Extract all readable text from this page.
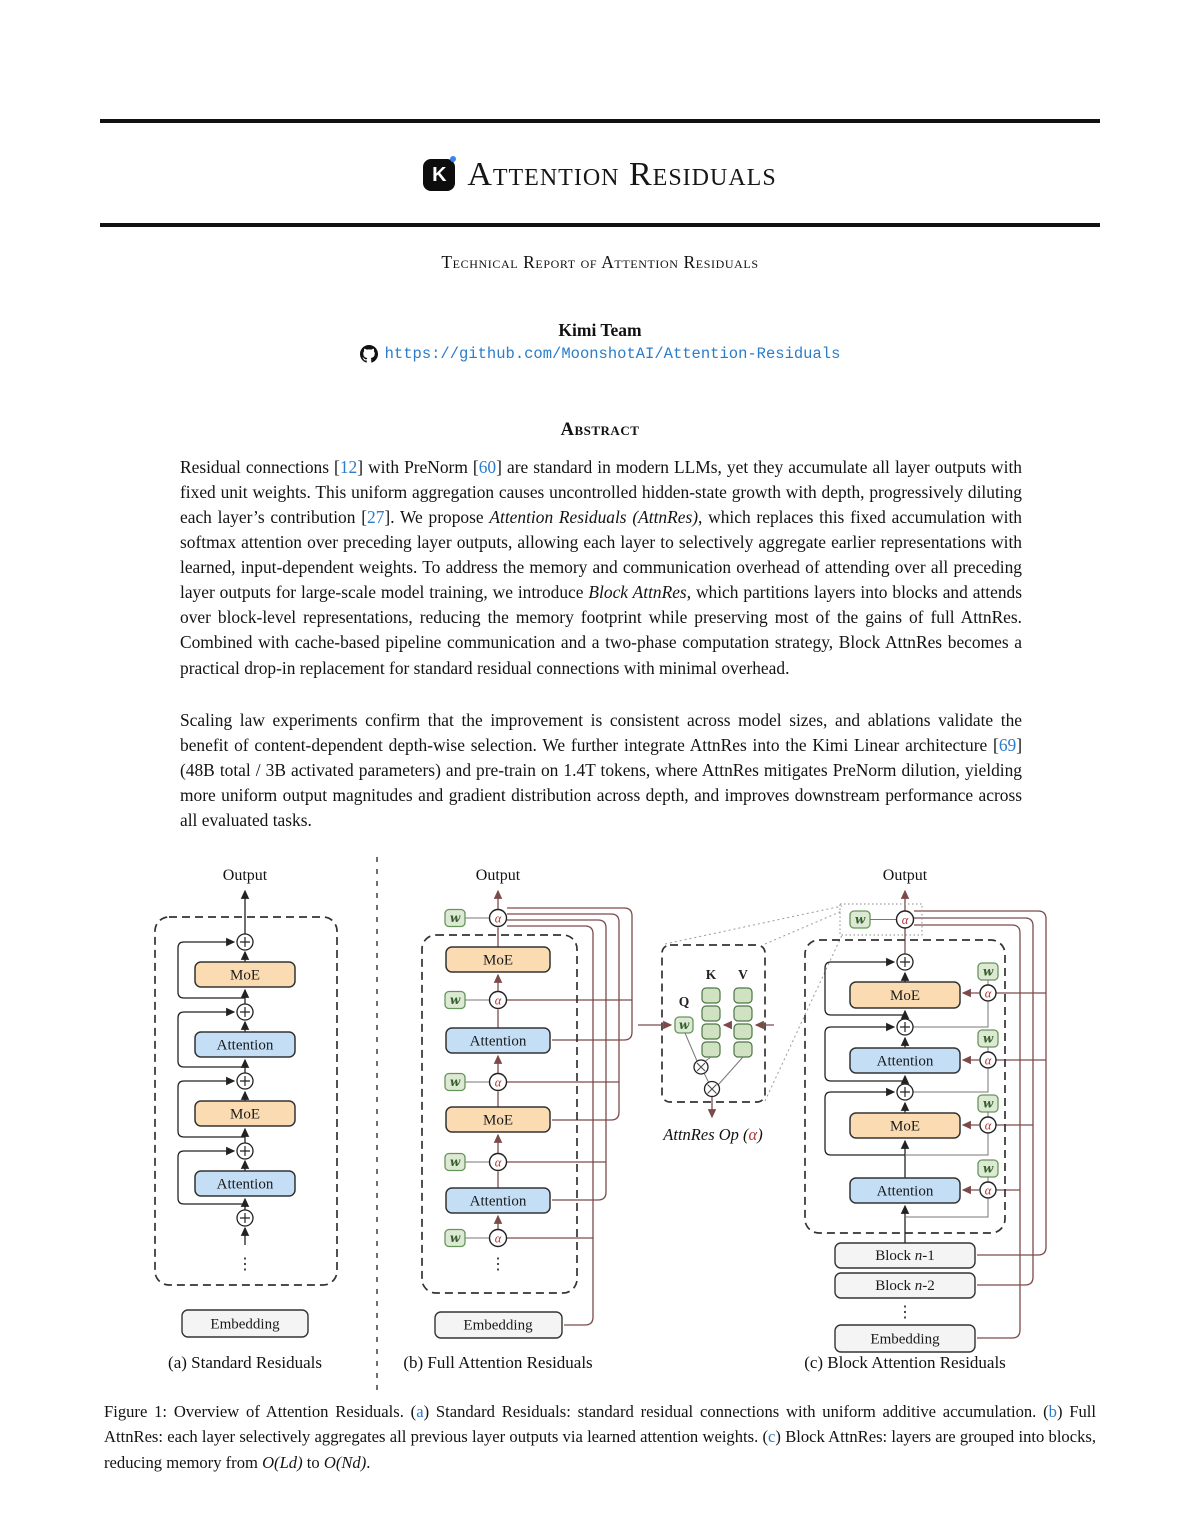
K Attention Residuals
Technical Report of Attention Residuals
Kimi Team
https://github.com/MoonshotAI/Attention-Residuals
Abstract
Residual connections [12] with PreNorm [60] are standard in modern LLMs, yet they accumulate all layer outputs with fixed unit weights. This uniform aggregation causes uncontrolled hidden-state growth with depth, progressively diluting each layer’s contribution [27]. We propose Attention Residuals (AttnRes), which replaces this fixed accumulation with softmax attention over preceding layer outputs, allowing each layer to selectively aggregate earlier representations with learned, input-dependent weights. To address the memory and communication overhead of attending over all preceding layer outputs for large-scale model training, we introduce Block AttnRes, which partitions layers into blocks and attends over block-level representations, reducing the memory footprint while preserving most of the gains of full AttnRes. Combined with cache-based pipeline communication and a two-phase computation strategy, Block AttnRes becomes a practical drop-in replacement for standard residual connections with minimal overhead.
Scaling law experiments confirm that the improvement is consistent across model sizes, and ablations validate the benefit of content-dependent depth-wise selection. We further integrate AttnRes into the Kimi Linear architecture [69] (48B total / 3B activated parameters) and pre-train on 1.4T tokens, where AttnRes mitigates PreNorm dilution, yielding more uniform output magnitudes and gradient distribution across depth, and improves downstream performance across all evaluated tasks.
Output
MoE
Attention
MoE
Attention
⋮
Embedding
(a) Standard Residuals
Output
w	α
w	α
w	α
w	α
w	α
MoE
Attention
MoE
Attention
⋮
Embedding
(b) Full Attention Residuals
K V
Q
w
AttnRes Op (α)
Output
w	α
MoE
Attention
MoE
Attention
w
α
w
α
w
α
w
α
Block n-1
Block n-2
⋮
Embedding
(c) Block Attention Residuals
Figure 1: Overview of Attention Residuals. (a) Standard Residuals: standard residual connections with uniform additive accumulation. (b) Full AttnRes: each layer selectively aggregates all previous layer outputs via learned attention weights. (c) Block AttnRes: layers are grouped into blocks, reducing memory from O(Ld) to O(Nd).
